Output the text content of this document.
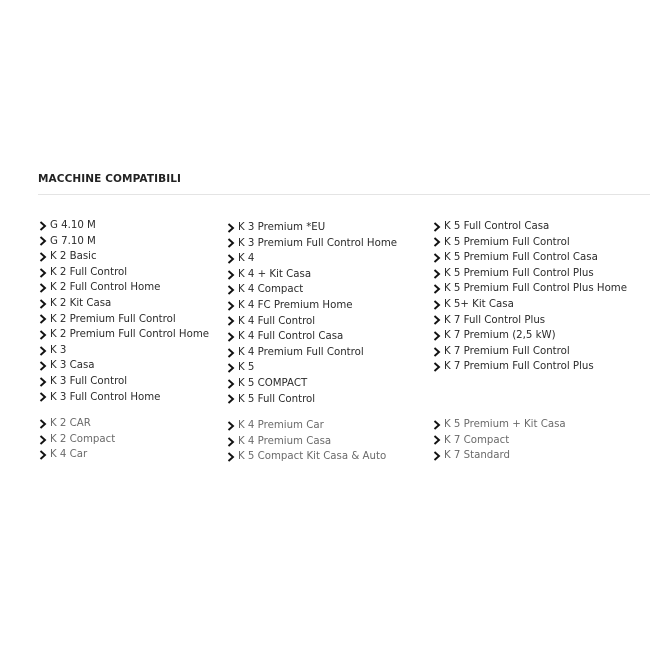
MACCHINE COMPATIBILI
G 4.10 M
G 7.10 M
K 2 Basic
K 2 Full Control
K 2 Full Control Home
K 2 Kit Casa
K 2 Premium Full Control
K 2 Premium Full Control Home
K 3
K 3 Casa
K 3 Full Control
K 3 Full Control Home
K 2 CAR
K 2 Compact
K 4 Car
K 3 Premium *EU
K 3 Premium Full Control Home
K 4
K 4 + Kit Casa
K 4 Compact
K 4 FC Premium Home
K 4 Full Control
K 4 Full Control Casa
K 4 Premium Full Control
K 5
K 5 COMPACT
K 5 Full Control
K 4 Premium Car
K 4 Premium Casa
K 5 Compact Kit Casa & Auto
K 5 Full Control Casa
K 5 Premium Full Control
K 5 Premium Full Control Casa
K 5 Premium Full Control Plus
K 5 Premium Full Control Plus Home
K 5+ Kit Casa
K 7 Full Control Plus
K 7 Premium (2,5 kW)
K 7 Premium Full Control
K 7 Premium Full Control Plus
K 5 Premium + Kit Casa
K 7 Compact
K 7 Standard
